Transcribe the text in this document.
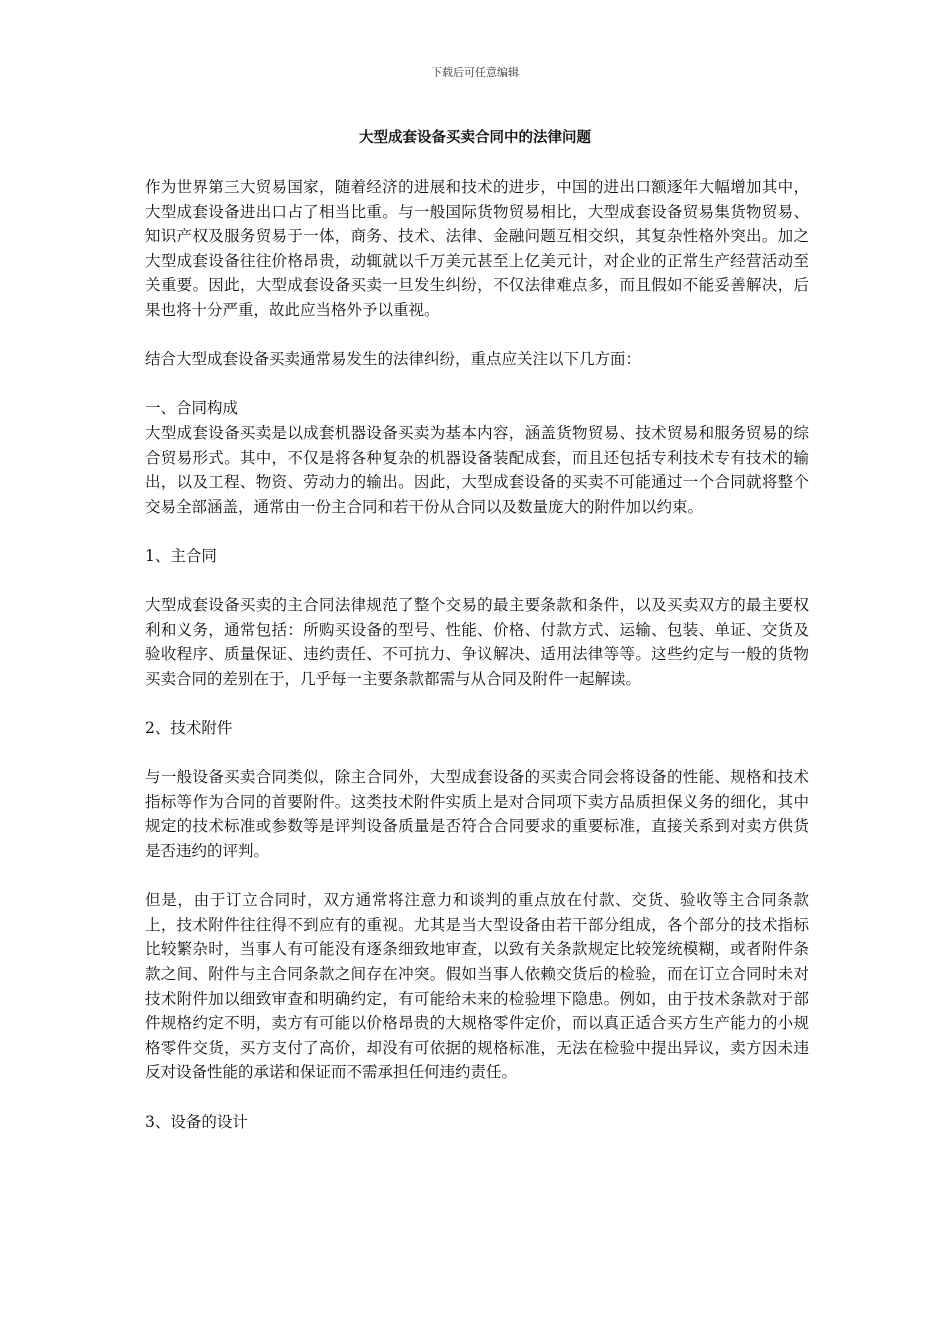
下载后可任意编辑
大型成套设备买卖合同中的法律问题

作为世界第三大贸易国家，随着经济的进展和技术的进步，中国的进出口额逐年大幅增加其中，大型成套设备进出口占了相当比重。与一般国际货物贸易相比，大型成套设备贸易集货物贸易、知识产权及服务贸易于一体，商务、技术、法律、金融问题互相交织，其复杂性格外突出。加之大型成套设备往往价格昂贵，动辄就以千万美元甚至上亿美元计，对企业的正常生产经营活动至关重要。因此，大型成套设备买卖一旦发生纠纷，不仅法律难点多，而且假如不能妥善解决，后果也将十分严重，故此应当格外予以重视。

结合大型成套设备买卖通常易发生的法律纠纷，重点应关注以下几方面：

一、合同构成

大型成套设备买卖是以成套机器设备买卖为基本内容，涵盖货物贸易、技术贸易和服务贸易的综合贸易形式。其中，不仅是将各种复杂的机器设备装配成套，而且还包括专利技术专有技术的输出，以及工程、物资、劳动力的输出。因此，大型成套设备的买卖不可能通过一个合同就将整个交易全部涵盖，通常由一份主合同和若干份从合同以及数量庞大的附件加以约束。

1、主合同

大型成套设备买卖的主合同法律规范了整个交易的最主要条款和条件，以及买卖双方的最主要权利和义务，通常包括：所购买设备的型号、性能、价格、付款方式、运输、包装、单证、交货及验收程序、质量保证、违约责任、不可抗力、争议解决、适用法律等等。这些约定与一般的货物买卖合同的差别在于，几乎每一主要条款都需与从合同及附件一起解读。

2、技术附件

与一般设备买卖合同类似，除主合同外，大型成套设备的买卖合同会将设备的性能、规格和技术指标等作为合同的首要附件。这类技术附件实质上是对合同项下卖方品质担保义务的细化，其中规定的技术标准或参数等是评判设备质量是否符合合同要求的重要标准，直接关系到对卖方供货是否违约的评判。

但是，由于订立合同时，双方通常将注意力和谈判的重点放在付款、交货、验收等主合同条款上，技术附件往往得不到应有的重视。尤其是当大型设备由若干部分组成，各个部分的技术指标比较繁杂时，当事人有可能没有逐条细致地审查，以致有关条款规定比较笼统模糊，或者附件条款之间、附件与主合同条款之间存在冲突。假如当事人依赖交货后的检验，而在订立合同时未对技术附件加以细致审查和明确约定，有可能给未来的检验埋下隐患。例如，由于技术条款对于部件规格约定不明，卖方有可能以价格昂贵的大规格零件定价，而以真正适合买方生产能力的小规格零件交货，买方支付了高价，却没有可依据的规格标准，无法在检验中提出异议，卖方因未违反对设备性能的承诺和保证而不需承担任何违约责任。

3、设备的设计
